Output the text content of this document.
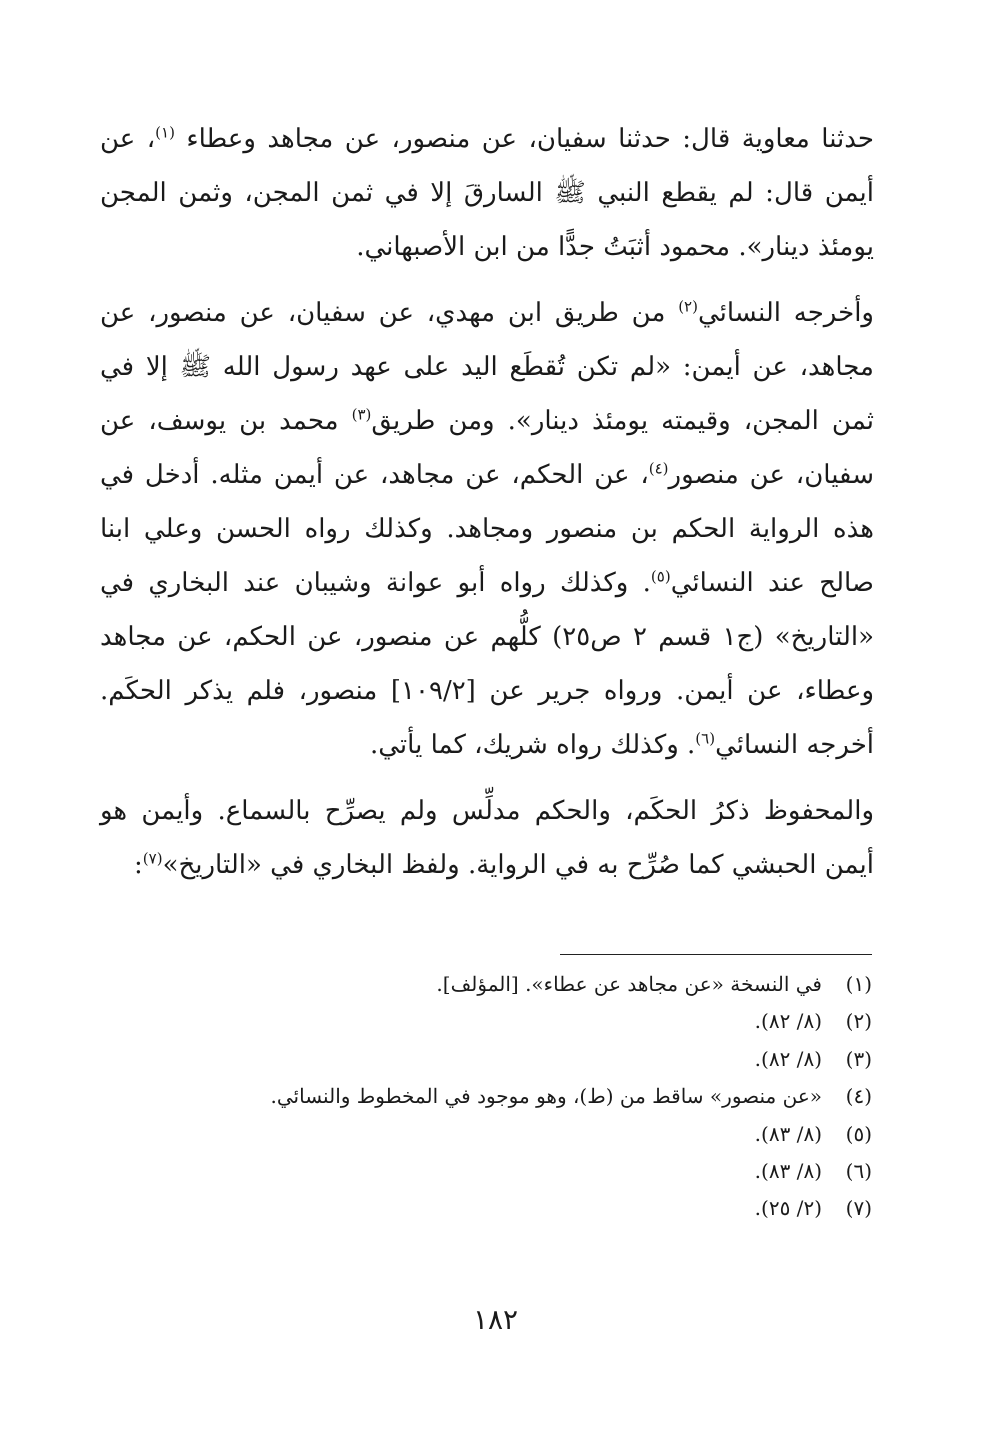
حدثنا معاوية قال: حدثنا سفيان، عن منصور، عن مجاهد وعطاء $^{(١)}$، عن أيمن قال: لم يقطع النبي ﷺ السارقَ إلا في ثمن المجن، وثمن المجن يومئذ دينار». محمود أثبَتُ جدًّا من ابن الأصبهاني.

وأخرجه النسائي$^{(٢)}$ من طريق ابن مهدي، عن سفيان، عن منصور، عن مجاهد، عن أيمن: «لم تكن تُقطَع اليد على عهد رسول الله ﷺ إلا في ثمن المجن، وقيمته يومئذ دينار». ومن طريق$^{(٣)}$ محمد بن يوسف، عن سفيان، عن منصور$^{(٤)}$، عن الحكم، عن مجاهد، عن أيمن مثله. أدخل في هذه الرواية الحكم بن منصور ومجاهد. وكذلك رواه الحسن وعلي ابنا صالح عند النسائي$^{(٥)}$. وكذلك رواه أبو عوانة وشيبان عند البخاري في «التاريخ» (ج١ قسم ٢ ص٢٥) كلُّهم عن منصور، عن الحكم، عن مجاهد وعطاء، عن أيمن. ورواه جرير عن [١٠٩/٢] منصور، فلم يذكر الحكَم. أخرجه النسائي$^{(٦)}$. وكذلك رواه شريك، كما يأتي.

والمحفوظ ذكرُ الحكَم، والحكم مدلِّس ولم يصرِّح بالسماع. وأيمن هو أيمن الحبشي كما صُرِّح به في الرواية. ولفظ البخاري في «التاريخ»$^{(٧)}$:

(١)في النسخة «عن مجاهد عن عطاء». [المؤلف].
(٢)(٨/ ٨٢).
(٣)(٨/ ٨٢).
(٤)«عن منصور» ساقط من (ط)، وهو موجود في المخطوط والنسائي.
(٥)(٨/ ٨٣).
(٦)(٨/ ٨٣).
(٧)(٢/ ٢٥).
١٨٢
